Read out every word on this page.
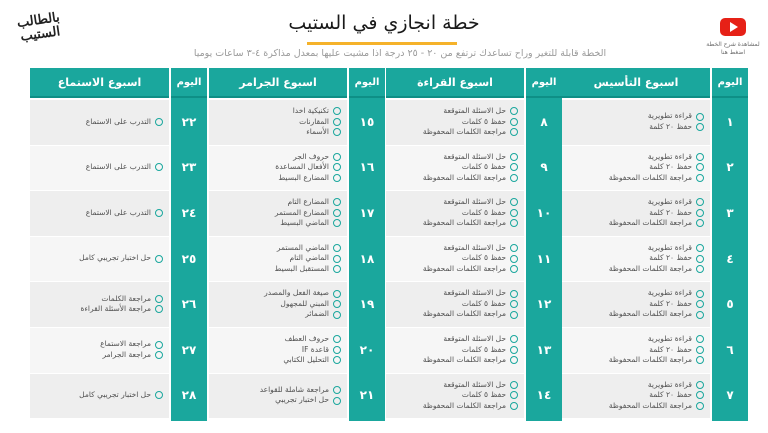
لمشاهدة شرح الخطة اضغط هنا
بالطالب الستيب
خطة انجازي في الستيب
الخطة قابلة للتغير وراح تساعدك ترتفع من ٢٠ - ٢٥ درجة اذا مشيت عليها بمعدل مذاكرة ٤-٣ ساعات يوميا
اليوم
١
٢
٣
٤
٥
٦
٧
اسبوع التأسيس
قراءة تطويرية
حفظ ٢٠ كلمة
قراءة تطويرية
حفظ ٢٠ كلمة
مراجعة الكلمات المحفوظة
قراءة تطويرية
حفظ ٢٠ كلمة
مراجعة الكلمات المحفوظة
قراءة تطويرية
حفظ ٢٠ كلمة
مراجعة الكلمات المحفوظة
قراءة تطويرية
حفظ ٢٠ كلمة
مراجعة الكلمات المحفوظة
قراءة تطويرية
حفظ ٢٠ كلمة
مراجعة الكلمات المحفوظة
قراءة تطويرية
حفظ ٢٠ كلمة
مراجعة الكلمات المحفوظة
اليوم
٨
٩
١٠
١١
١٢
١٣
١٤
اسبوع القراءة
حل الاسئلة المتوقعة
حفظ ٥ كلمات
مراجعة الكلمات المحفوظة
حل الاسئلة المتوقعة
حفظ ٥ كلمات
مراجعة الكلمات المحفوظة
حل الاسئلة المتوقعة
حفظ ٥ كلمات
مراجعة الكلمات المحفوظة
حل الاسئلة المتوقعة
حفظ ٥ كلمات
مراجعة الكلمات المحفوظة
حل الاسئلة المتوقعة
حفظ ٥ كلمات
مراجعة الكلمات المحفوظة
حل الاسئلة المتوقعة
حفظ ٥ كلمات
مراجعة الكلمات المحفوظة
حل الاسئلة المتوقعة
حفظ ٥ كلمات
مراجعة الكلمات المحفوظة
اليوم
١٥
١٦
١٧
١٨
١٩
٢٠
٢١
اسبوع الجرامر
تكنيكية اخدا
المقارنات
الأسماء
حروف الجر
الأفعال المساعدة
المضارع البسيط
المضارع التام
المضارع المستمر
الماضي البسيط
الماضي المستمر
الماضي التام
المستقبل البسيط
صيغة الفعل والمصدر
المبني للمجهول
الضمائر
حروف العطف
قاعدة IF
التحليل الكتابي
مراجعة شاملة للقواعد
حل اختبار تجريبي
اليوم
٢٢
٢٣
٢٤
٢٥
٢٦
٢٧
٢٨
اسبوع الاستماع
التدرب على الاستماع
التدرب على الاستماع
التدرب على الاستماع
حل اختبار تجريبي كامل
مراجعة الكلمات
مراجعة الأسئلة القراءة
مراجعة الاستماع
مراجعة الجرامر
حل اختبار تجريبي كامل
